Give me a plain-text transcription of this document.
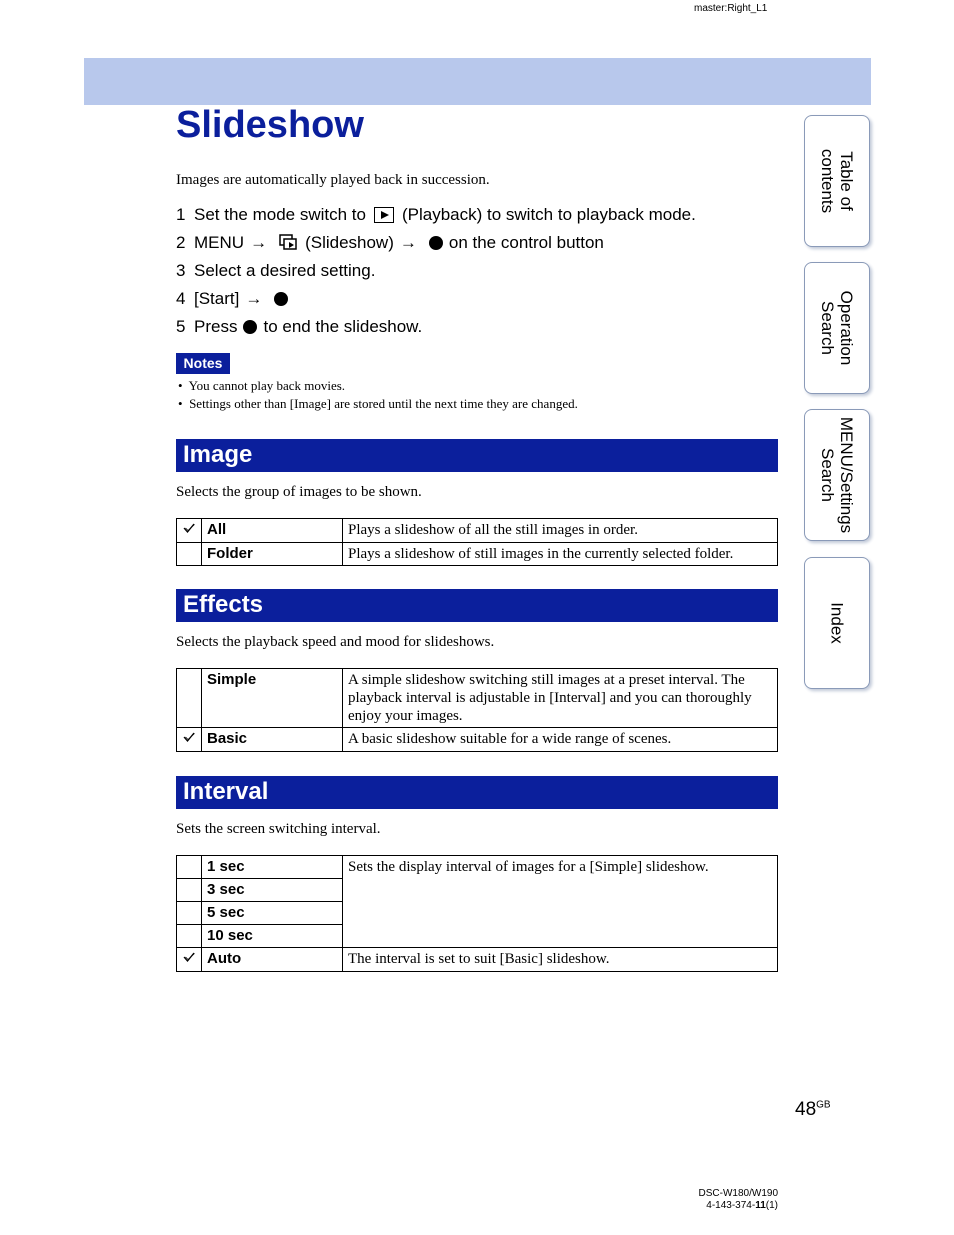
master:Right_L1
Slideshow
Images are automatically played back in succession.
1 Set the mode switch to (Playback) to switch to playback mode.
2 MENU → (Slideshow) → on the control button
3 Select a desired setting.
4 [Start] →
5 Press to end the slideshow.
Notes
• You cannot play back movies.
• Settings other than [Image] are stored until the next time they are changed.
Image
Selects the group of images to be shown.
	All	Plays a slideshow of all the still images in order.
	Folder	Plays a slideshow of still images in the currently selected folder.
Effects
Selects the playback speed and mood for slideshows.
	Simple	A simple slideshow switching still images at a preset interval. The playback interval is adjustable in [Interval] and you can thoroughly enjoy your images.
	Basic	A basic slideshow suitable for a wide range of scenes.
Interval
Sets the screen switching interval.
	1 sec	Sets the display interval of images for a [Simple] slideshow.
	3 sec	
	5 sec	
	10 sec	
	Auto	The interval is set to suit [Basic] slideshow.
Table of
contents
Operation
Search
MENU/Settings
Search
Index
$48^{GB}$
DSC-W180/W190
4-143-374-11(1)
